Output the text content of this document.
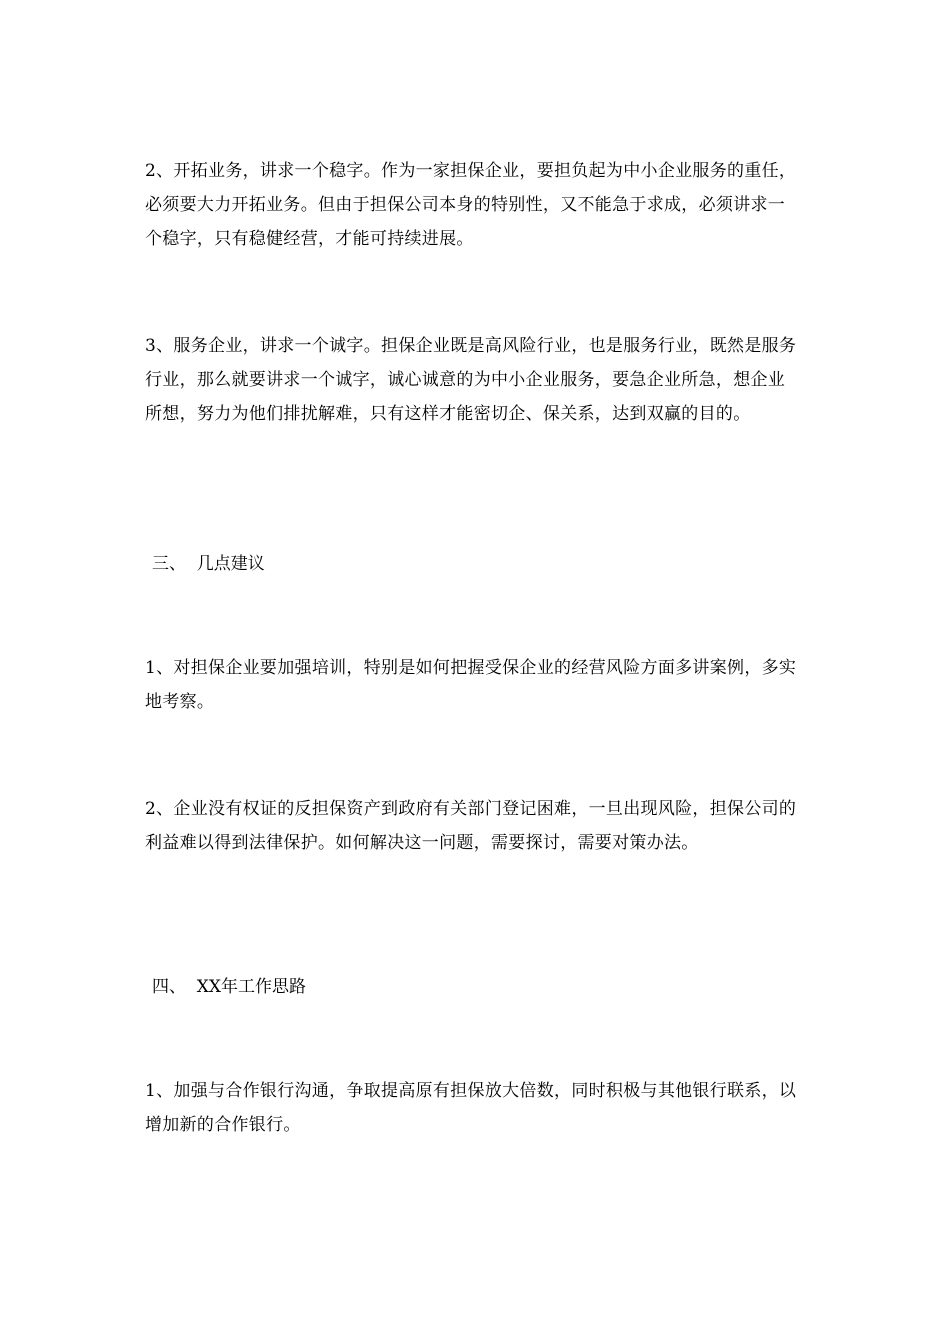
2、开拓业务，讲求一个稳字。作为一家担保企业，要担负起为中小企业服务的重任，必须要大力开拓业务。但由于担保公司本身的特别性，又不能急于求成，必须讲求一个稳字，只有稳健经营，才能可持续进展。

3、服务企业，讲求一个诚字。担保企业既是高风险行业，也是服务行业，既然是服务行业，那么就要讲求一个诚字，诚心诚意的为中小企业服务，要急企业所急，想企业所想，努力为他们排扰解难，只有这样才能密切企、保关系，达到双赢的目的。

三、  几点建议

1、对担保企业要加强培训，特别是如何把握受保企业的经营风险方面多讲案例，多实地考察。

2、企业没有权证的反担保资产到政府有关部门登记困难，一旦出现风险，担保公司的利益难以得到法律保护。如何解决这一问题，需要探讨，需要对策办法。

四、  XX年工作思路

1、加强与合作银行沟通，争取提高原有担保放大倍数，同时积极与其他银行联系，以增加新的合作银行。
